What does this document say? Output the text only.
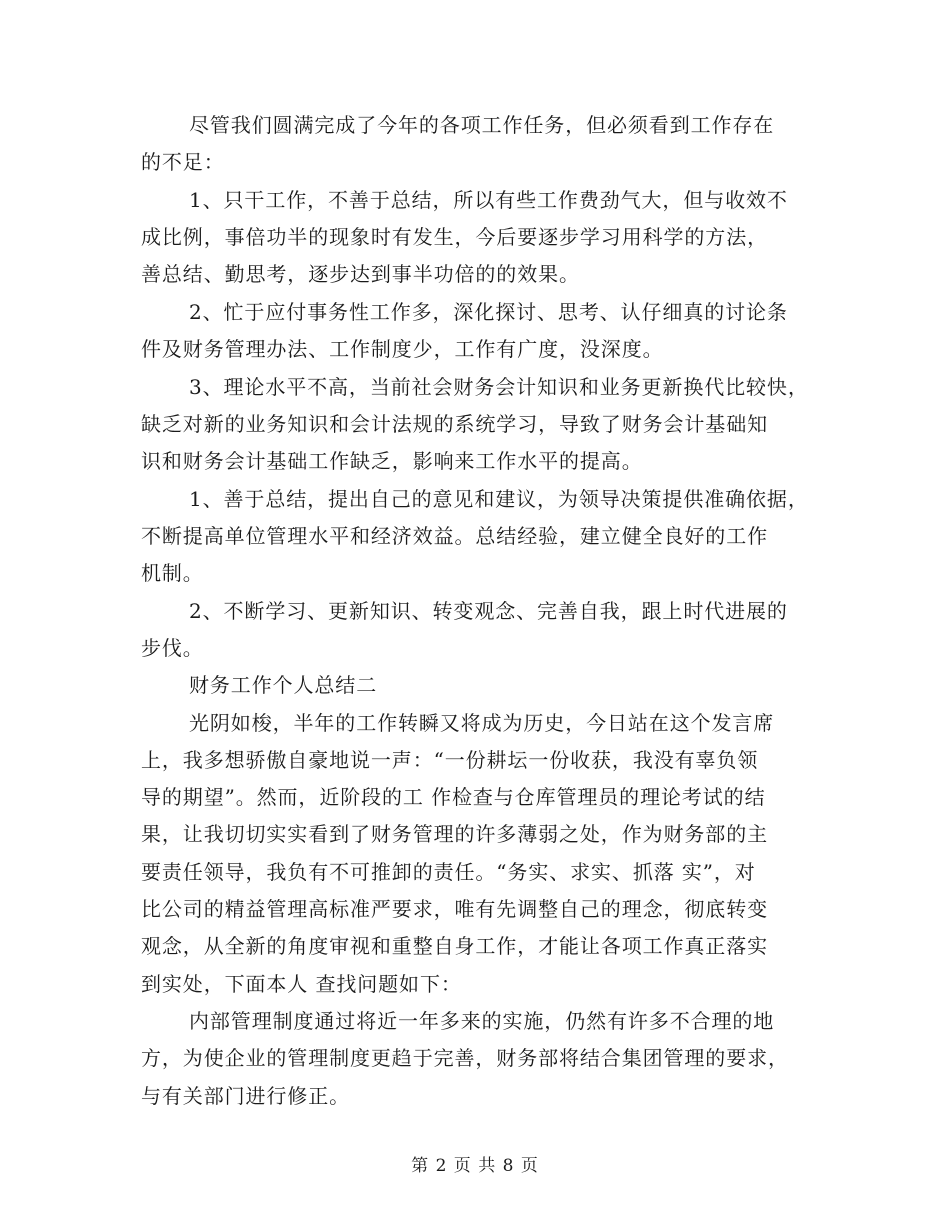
尽管我们圆满完成了今年的各项工作任务，但必须看到工作存在
的不足：
1、只干工作，不善于总结，所以有些工作费劲气大，但与收效不
成比例，事倍功半的现象时有发生，今后要逐步学习用科学的方法，
善总结、勤思考，逐步达到事半功倍的的效果。
2、忙于应付事务性工作多，深化探讨、思考、认仔细真的讨论条
件及财务管理办法、工作制度少，工作有广度，没深度。
3、理论水平不高，当前社会财务会计知识和业务更新换代比较快，
缺乏对新的业务知识和会计法规的系统学习，导致了财务会计基础知
识和财务会计基础工作缺乏，影响来工作水平的提高。
1、善于总结，提出自己的意见和建议，为领导决策提供准确依据，
不断提高单位管理水平和经济效益。总结经验，建立健全良好的工作
机制。
2、不断学习、更新知识、转变观念、完善自我，跟上时代进展的
步伐。
财务工作个人总结二
光阴如梭，半年的工作转瞬又将成为历史，今日站在这个发言席
上，我多想骄傲自豪地说一声：“一份耕坛一份收获，我没有辜负领
导的期望”。然而，近阶段的工 作检查与仓库管理员的理论考试的结
果，让我切切实实看到了财务管理的许多薄弱之处，作为财务部的主
要责任领导，我负有不可推卸的责任。“务实、求实、抓落 实”，对
比公司的精益管理高标准严要求，唯有先调整自己的理念，彻底转变
观念，从全新的角度审视和重整自身工作，才能让各项工作真正落实
到实处，下面本人 查找问题如下：
内部管理制度通过将近一年多来的实施，仍然有许多不合理的地
方，为使企业的管理制度更趋于完善，财务部将结合集团管理的要求，
与有关部门进行修正。
第 2 页 共 8 页
